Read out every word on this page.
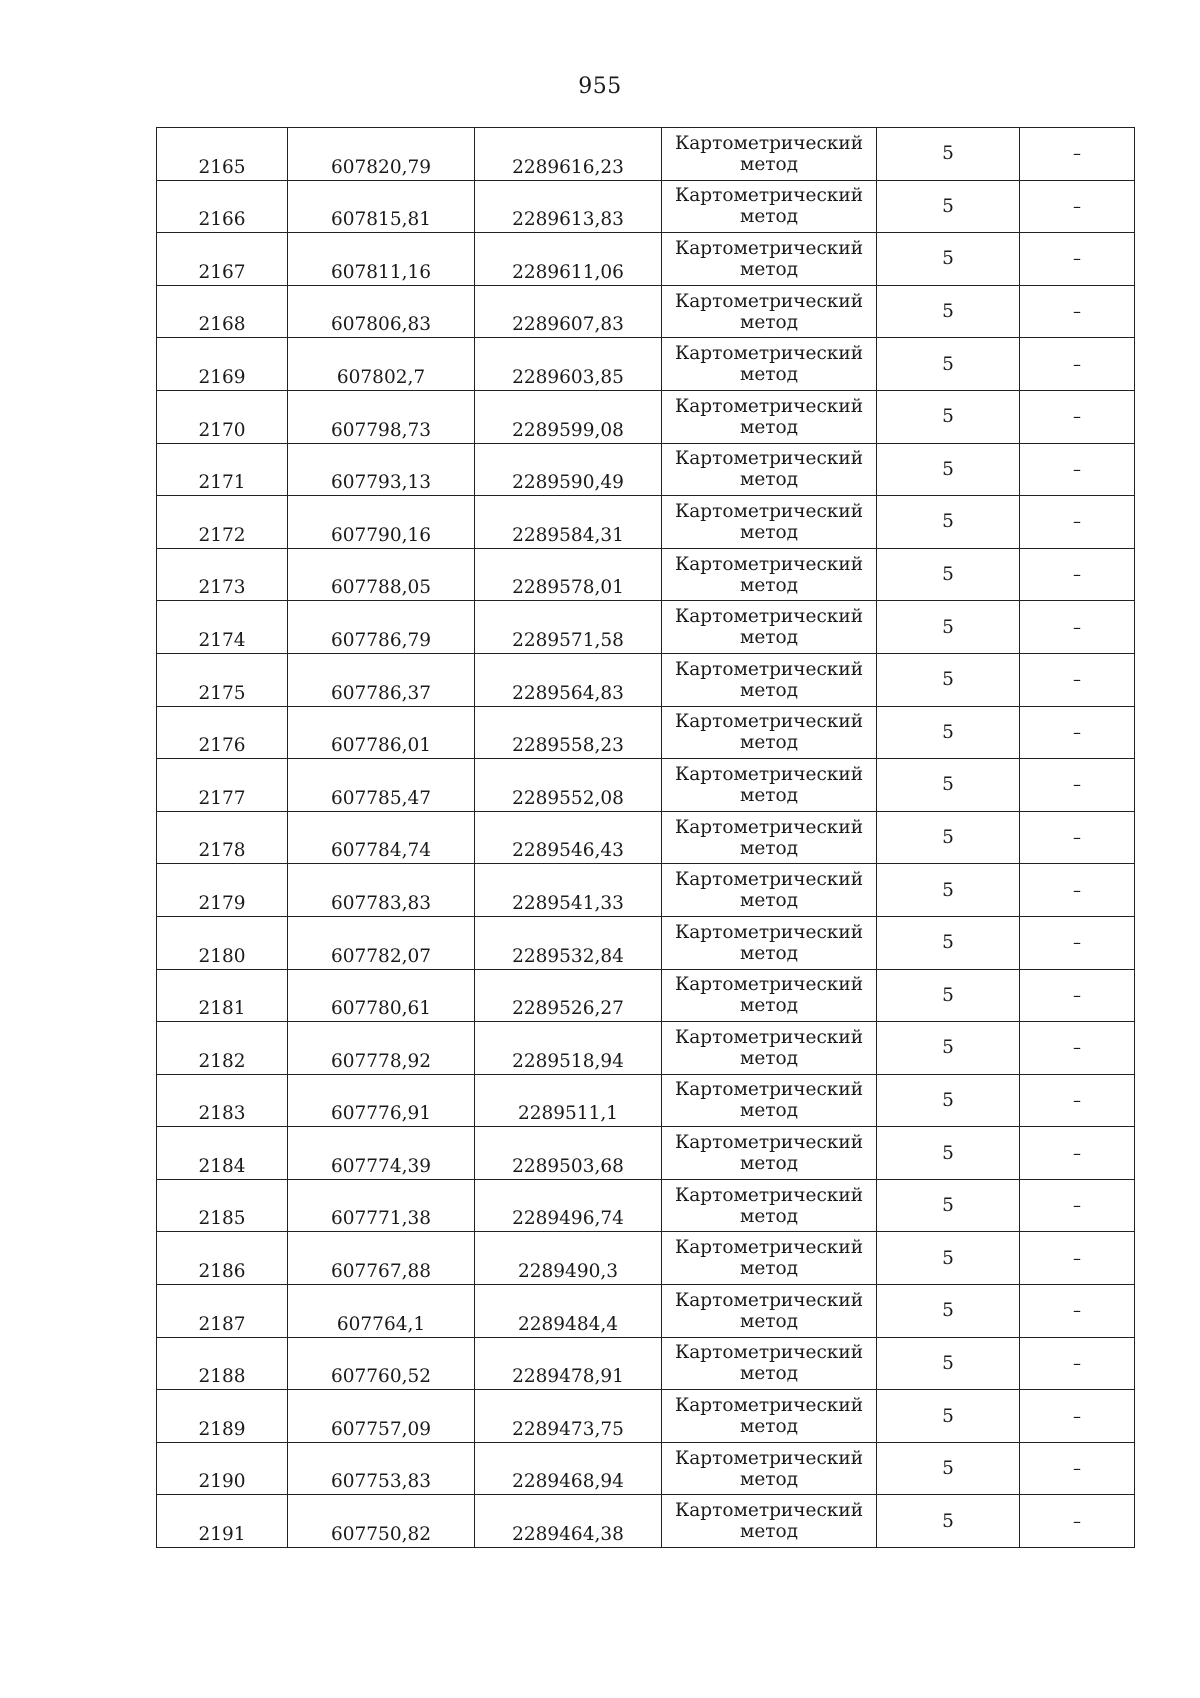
955
2165	607820,79	2289616,23	Картометрический
метод	5	–
2166	607815,81	2289613,83	Картометрический
метод	5	–
2167	607811,16	2289611,06	Картометрический
метод	5	–
2168	607806,83	2289607,83	Картометрический
метод	5	–
2169	607802,7	2289603,85	Картометрический
метод	5	–
2170	607798,73	2289599,08	Картометрический
метод	5	–
2171	607793,13	2289590,49	Картометрический
метод	5	–
2172	607790,16	2289584,31	Картометрический
метод	5	–
2173	607788,05	2289578,01	Картометрический
метод	5	–
2174	607786,79	2289571,58	Картометрический
метод	5	–
2175	607786,37	2289564,83	Картометрический
метод	5	–
2176	607786,01	2289558,23	Картометрический
метод	5	–
2177	607785,47	2289552,08	Картометрический
метод	5	–
2178	607784,74	2289546,43	Картометрический
метод	5	–
2179	607783,83	2289541,33	Картометрический
метод	5	–
2180	607782,07	2289532,84	Картометрический
метод	5	–
2181	607780,61	2289526,27	Картометрический
метод	5	–
2182	607778,92	2289518,94	Картометрический
метод	5	–
2183	607776,91	2289511,1	Картометрический
метод	5	–
2184	607774,39	2289503,68	Картометрический
метод	5	–
2185	607771,38	2289496,74	Картометрический
метод	5	–
2186	607767,88	2289490,3	Картометрический
метод	5	–
2187	607764,1	2289484,4	Картометрический
метод	5	–
2188	607760,52	2289478,91	Картометрический
метод	5	–
2189	607757,09	2289473,75	Картометрический
метод	5	–
2190	607753,83	2289468,94	Картометрический
метод	5	–
2191	607750,82	2289464,38	Картометрический
метод	5	–
